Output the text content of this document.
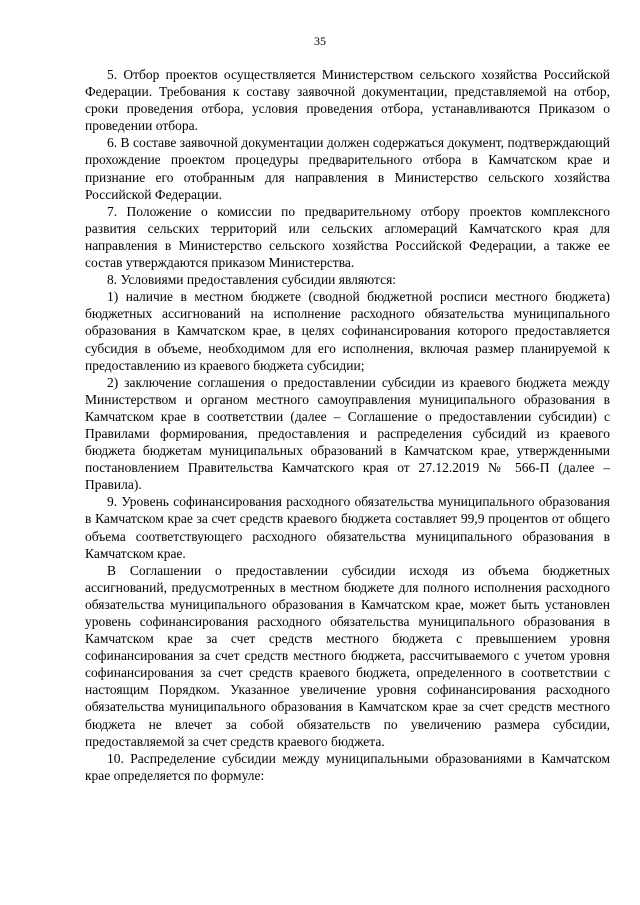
35

5. Отбор проектов осуществляется Министерством сельского хозяйства Российской Федерации. Требования к составу заявочной документации, представляемой на отбор, сроки проведения отбора, условия проведения отбора, устанавливаются Приказом о проведении отбора.

6. В составе заявочной документации должен содержаться документ, подтверждающий прохождение проектом процедуры предварительного отбора в Камчатском крае и признание его отобранным для направления в Министерство сельского хозяйства Российской Федерации.

7. Положение о комиссии по предварительному отбору проектов комплексного развития сельских территорий или сельских агломераций Камчатского края для направления в Министерство сельского хозяйства Российской Федерации, а также ее состав утверждаются приказом Министерства.

8. Условиями предоставления субсидии являются:

1) наличие в местном бюджете (сводной бюджетной росписи местного бюджета) бюджетных ассигнований на исполнение расходного обязательства муниципального образования в Камчатском крае, в целях софинансирования которого предоставляется субсидия в объеме, необходимом для его исполнения, включая размер планируемой к предоставлению из краевого бюджета субсидии;

2) заключение соглашения о предоставлении субсидии из краевого бюджета между Министерством и органом местного самоуправления муниципального образования в Камчатском крае в соответствии (далее – Соглашение о предоставлении субсидии) с Правилами формирования, предоставления и распределения субсидий из краевого бюджета бюджетам муниципальных образований в Камчатском крае, утвержденными постановлением Правительства Камчатского края от 27.12.2019 № 566-П (далее – Правила).

9. Уровень софинансирования расходного обязательства муниципального образования в Камчатском крае за счет средств краевого бюджета составляет 99,9 процентов от общего объема соответствующего расходного обязательства муниципального образования в Камчатском крае.

В Соглашении о предоставлении субсидии исходя из объема бюджетных ассигнований, предусмотренных в местном бюджете для полного исполнения расходного обязательства муниципального образования в Камчатском крае, может быть установлен уровень софинансирования расходного обязательства муниципального образования в Камчатском крае за счет средств местного бюджета с превышением уровня софинансирования за счет средств местного бюджета, рассчитываемого с учетом уровня софинансирования за счет средств краевого бюджета, определенного в соответствии с настоящим Порядком. Указанное увеличение уровня софинансирования расходного обязательства муниципального образования в Камчатском крае за счет средств местного бюджета не влечет за собой обязательств по увеличению размера субсидии, предоставляемой за счет средств краевого бюджета.

10. Распределение субсидии между муниципальными образованиями в Камчатском крае определяется по формуле:
